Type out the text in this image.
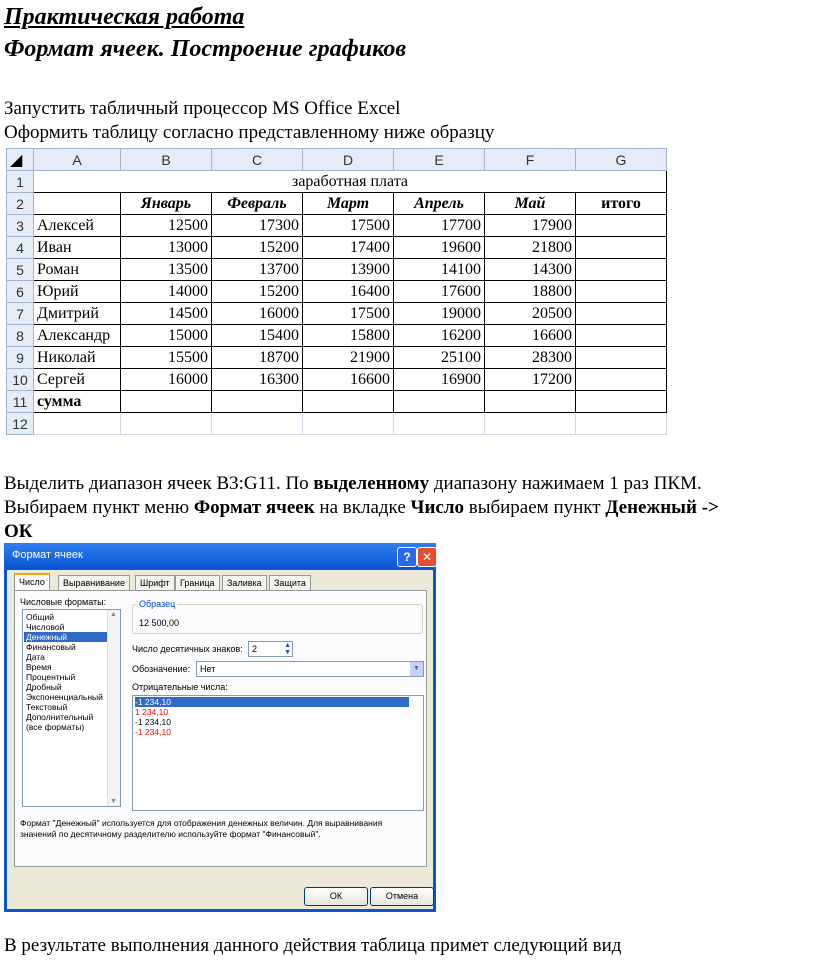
Практическая работа
Формат ячеек. Построение графиков
Запустить табличный процессор MS Office Excel
Оформить таблицу согласно представленному ниже образцу
◢	A	B	C	D	E	F	G
1	заработная плата						
2		Январь	Февраль	Март	Апрель	Май	итого
3	Алексей	12500	17300	17500	17700	17900	
4	Иван	13000	15200	17400	19600	21800	
5	Роман	13500	13700	13900	14100	14300	
6	Юрий	14000	15200	16400	17600	18800	
7	Дмитрий	14500	16000	17500	19000	20500	
8	Александр	15000	15400	15800	16200	16600	
9	Николай	15500	18700	21900	25100	28300	
10	Сергей	16000	16300	16600	16900	17200	
11	сумма						
12							
Выделить диапазон ячеек B3:G11. По выделенному диапазону нажимаем 1 раз ПКМ.
Выбираем пункт меню Формат ячеек на вкладке Число выбираем пункт Денежный ->
ОК
Формат ячеек	? ✕
Число	Выравнивание	Шрифт	Граница	Заливка	Защита
Числовые форматы:
Общий
Числовой
Денежный
Финансовый
Дата
Время
Процентный
Дробный
Экспоненциальный
Текстовый
Дополнительный
(все форматы)
▲
▼
Образец
12 500,00
Число десятичных знаков:	2	▲
▼
Обозначение:	Нет	▼
Отрицательные числа:
-1 234,10
1 234,10
-1 234,10
-1 234,10
Формат "Денежный" используется для отображения денежных величин. Для выравнивания
значений по десятичному разделителю используйте формат "Финансовый".
ОК	Отмена
В результате выполнения данного действия таблица примет следующий вид
